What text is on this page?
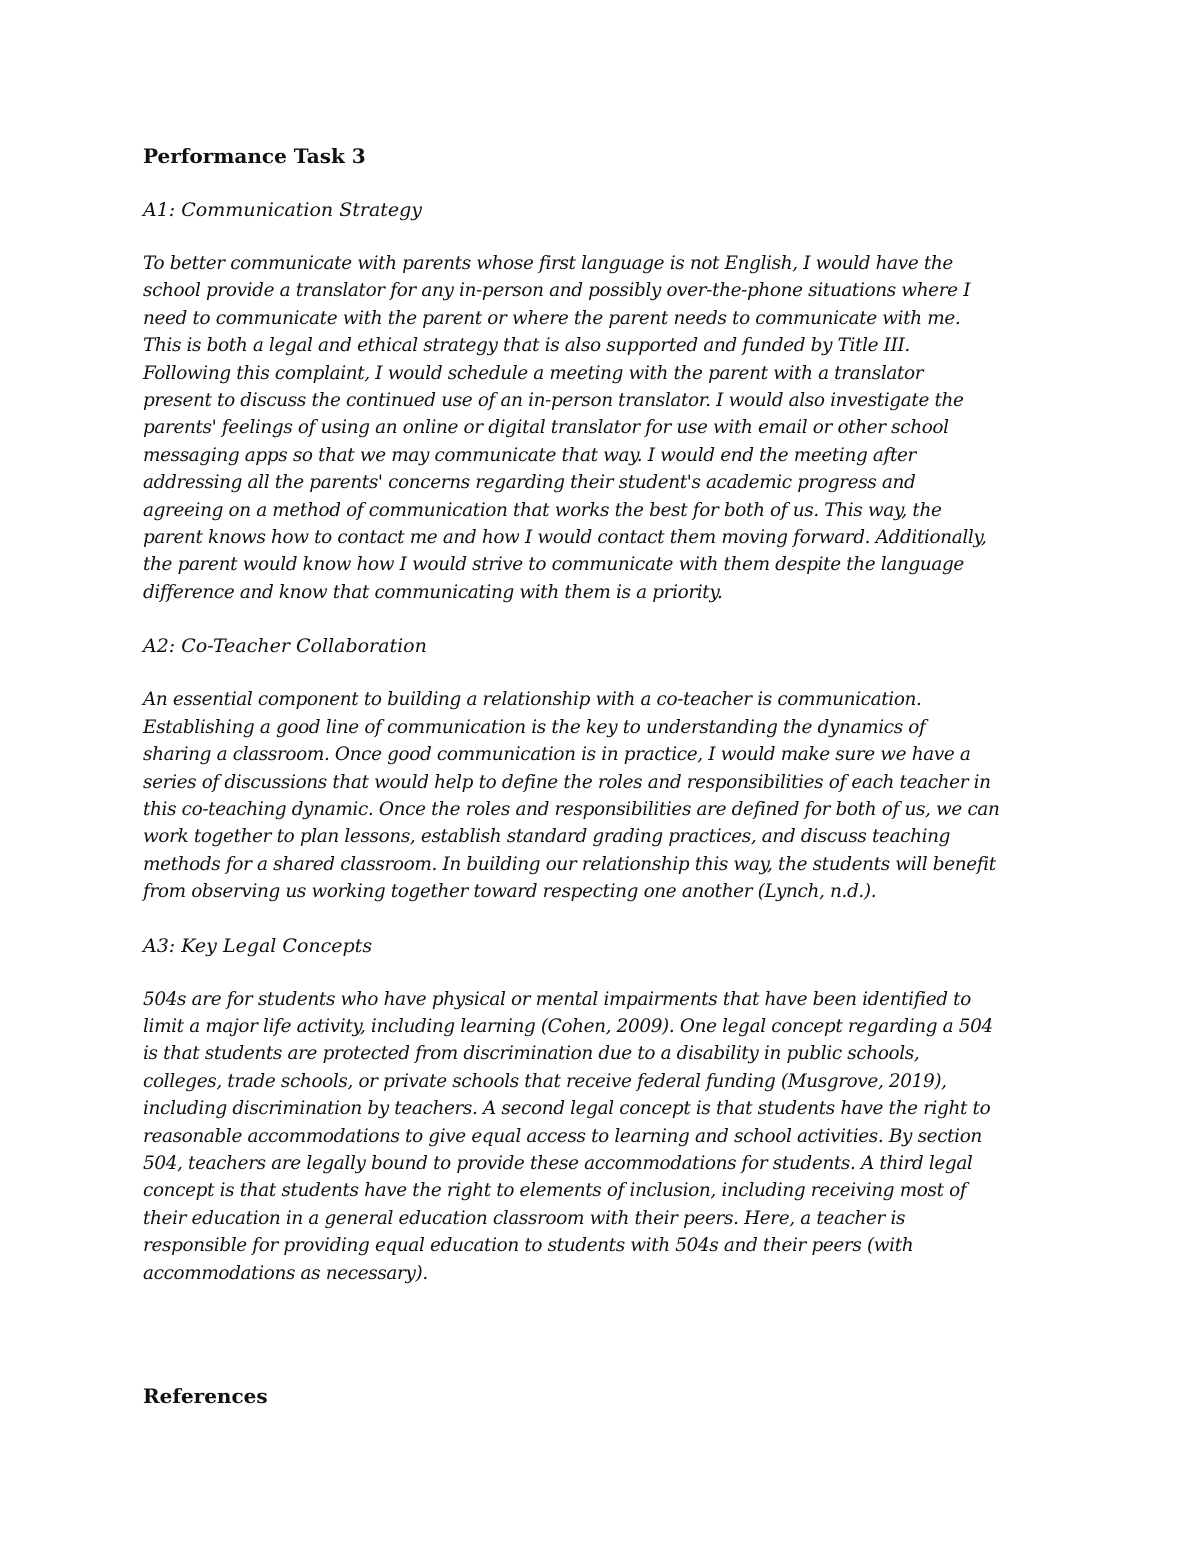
Performance Task 3

A1: Communication Strategy

To better communicate with parents whose first language is not English, I would have the
school provide a translator for any in-person and possibly over-the-phone situations where I
need to communicate with the parent or where the parent needs to communicate with me.
This is both a legal and ethical strategy that is also supported and funded by Title III.
Following this complaint, I would schedule a meeting with the parent with a translator
present to discuss the continued use of an in-person translator. I would also investigate the
parents' feelings of using an online or digital translator for use with email or other school
messaging apps so that we may communicate that way. I would end the meeting after
addressing all the parents' concerns regarding their student's academic progress and
agreeing on a method of communication that works the best for both of us. This way, the
parent knows how to contact me and how I would contact them moving forward. Additionally,
the parent would know how I would strive to communicate with them despite the language
difference and know that communicating with them is a priority.

A2: Co-Teacher Collaboration

An essential component to building a relationship with a co-teacher is communication.
Establishing a good line of communication is the key to understanding the dynamics of
sharing a classroom. Once good communication is in practice, I would make sure we have a
series of discussions that would help to define the roles and responsibilities of each teacher in
this co-teaching dynamic. Once the roles and responsibilities are defined for both of us, we can
work together to plan lessons, establish standard grading practices, and discuss teaching
methods for a shared classroom. In building our relationship this way, the students will benefit
from observing us working together toward respecting one another (Lynch, n.d.).

A3: Key Legal Concepts

504s are for students who have physical or mental impairments that have been identified to
limit a major life activity, including learning (Cohen, 2009). One legal concept regarding a 504
is that students are protected from discrimination due to a disability in public schools,
colleges, trade schools, or private schools that receive federal funding (Musgrove, 2019),
including discrimination by teachers. A second legal concept is that students have the right to
reasonable accommodations to give equal access to learning and school activities. By section
504, teachers are legally bound to provide these accommodations for students. A third legal
concept is that students have the right to elements of inclusion, including receiving most of
their education in a general education classroom with their peers. Here, a teacher is
responsible for providing equal education to students with 504s and their peers (with
accommodations as necessary).

References
